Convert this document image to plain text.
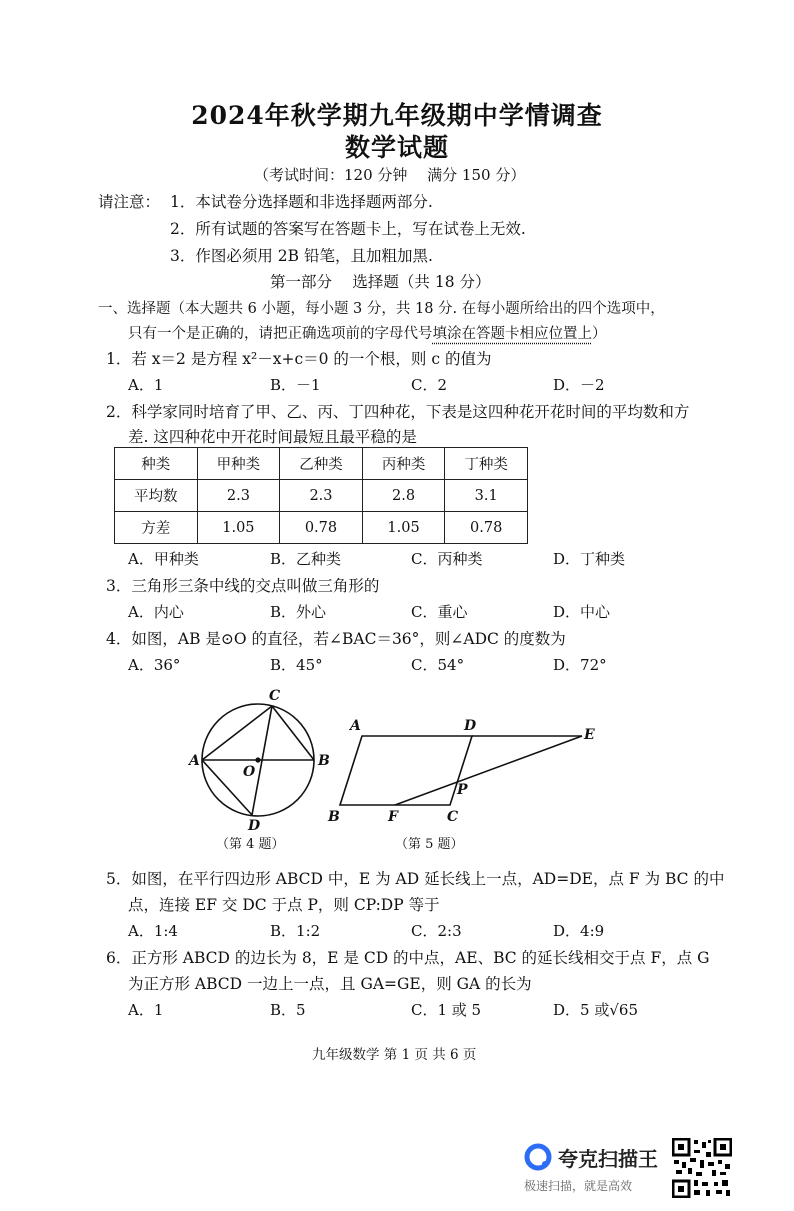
2024年秋学期九年级期中学情调查
数学试题
（考试时间：120 分钟　 满分 150 分）
请注意： 1．本试卷分选择题和非选择题两部分.
2．所有试题的答案写在答题卡上，写在试卷上无效.
3．作图必须用 2B 铅笔，且加粗加黑.
第一部分　 选择题（共 18 分）
一、选择题（本大题共 6 小题，每小题 3 分，共 18 分. 在每小题所给出的四个选项中，
只有一个是正确的，请把正确选项前的字母代号填涂在答题卡相应位置上）
1．若 x＝2 是方程 x²－x+c＝0 的一个根，则 c 的值为
A．1	B．－1	C．2	D．－2
2．科学家同时培育了甲、乙、丙、丁四种花，下表是这四种花开花时间的平均数和方
差. 这四种花中开花时间最短且最平稳的是
种类	甲种类	乙种类	丙种类	丁种类
平均数	2.3	2.3	2.8	3.1
方差	1.05	0.78	1.05	0.78
A．甲种类	B．乙种类	C．丙种类	D．丁种类
3．三角形三条中线的交点叫做三角形的
A．内心	B．外心	C．重心	D．中心
4．如图，AB 是⊙O 的直径，若∠BAC＝36°，则∠ADC 的度数为
A．36°	B．45°	C．54°	D．72°
A	B
C
D
O
A	D
E
B	F	C
P
（第 4 题）	（第 5 题）
5．如图，在平行四边形 ABCD 中，E 为 AD 延长线上一点，AD=DE，点 F 为 BC 的中
点，连接 EF 交 DC 于点 P，则 CP:DP 等于
A．1:4	B．1:2	C．2:3	D．4:9
6．正方形 ABCD 的边长为 8，E 是 CD 的中点，AE、BC 的延长线相交于点 F，点 G
为正方形 ABCD 一边上一点，且 GA=GE，则 GA 的长为
A．1	B．5	C．1 或 5	D．5 或√65
九年级数学 第 1 页 共 6 页
夸克扫描王
极速扫描，就是高效
